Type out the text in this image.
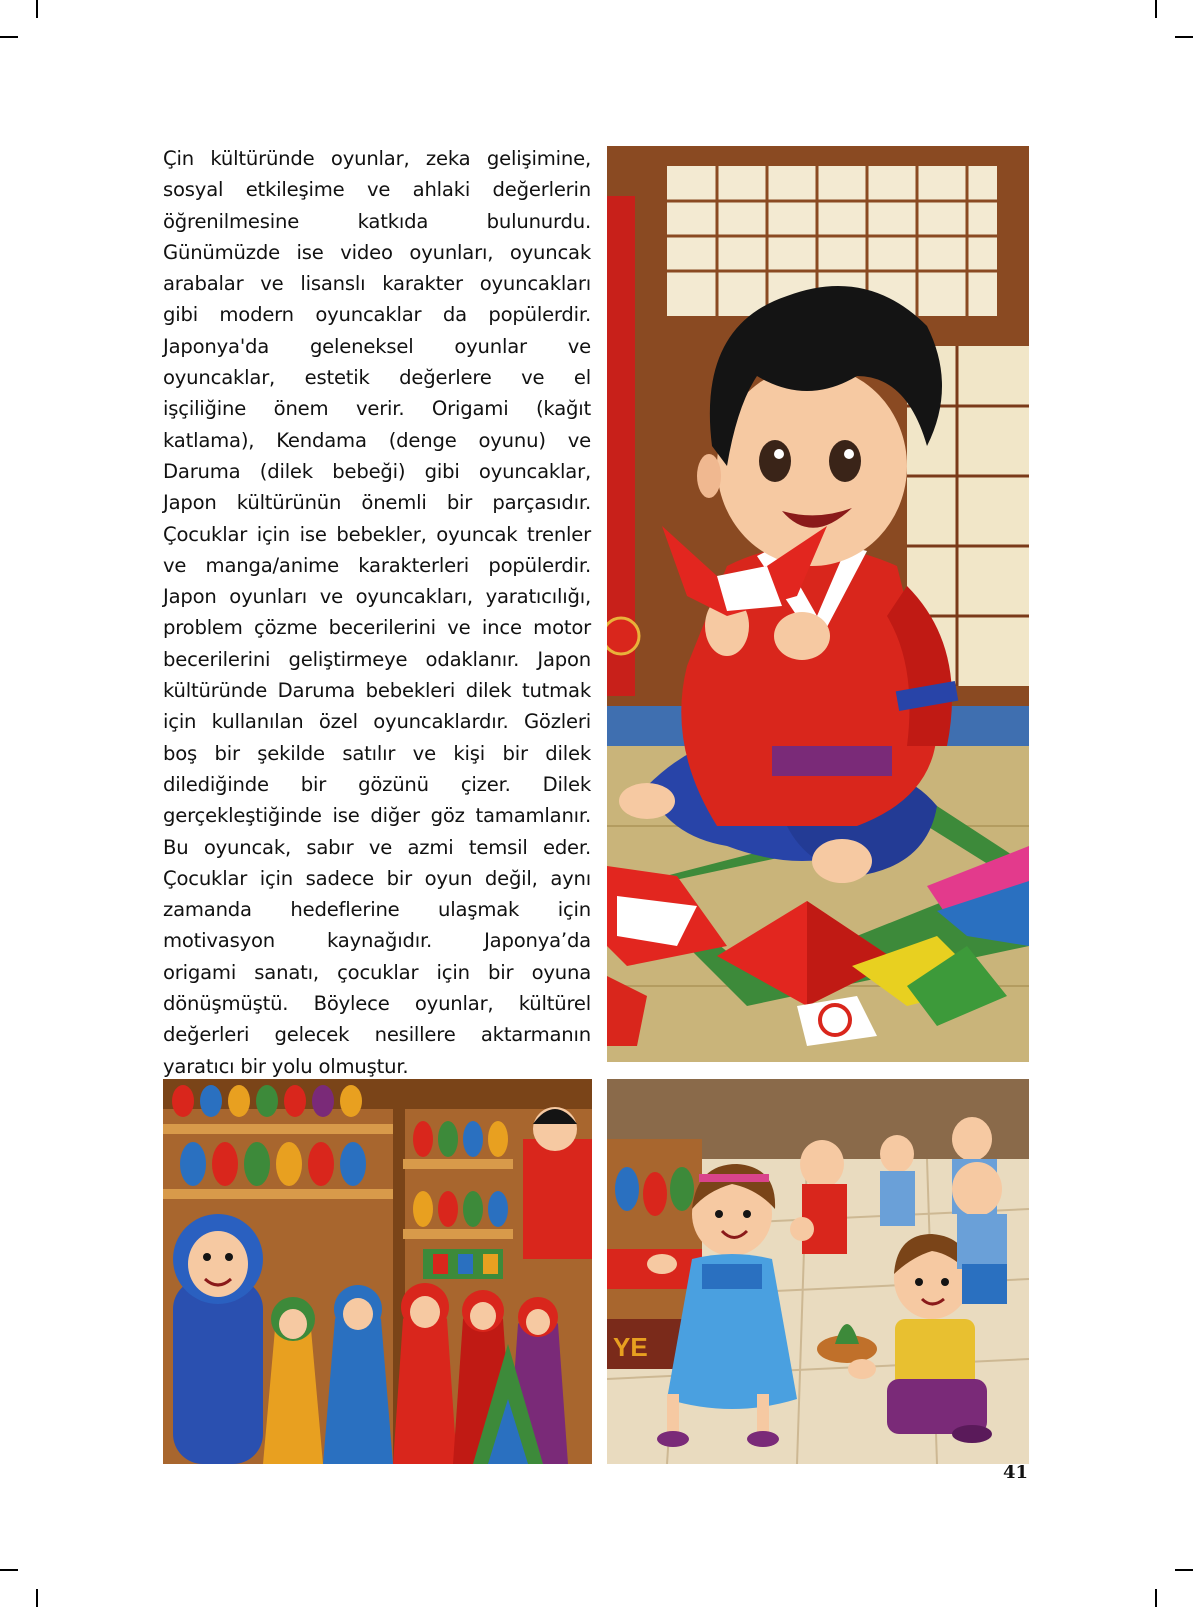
Çin kültüründe oyunlar, zeka gelişimine,
sosyal etkileşime ve ahlaki değerlerin
öğrenilmesine katkıda bulunurdu.
Günümüzde ise video oyunları, oyuncak
arabalar ve lisanslı karakter oyuncakları
gibi modern oyuncaklar da popülerdir.
Japonya'da geleneksel oyunlar ve
oyuncaklar, estetik değerlere ve el
işçiliğine önem verir. Origami (kağıt
katlama), Kendama (denge oyunu) ve
Daruma (dilek bebeği) gibi oyuncaklar,
Japon kültürünün önemli bir parçasıdır.
Çocuklar için ise bebekler, oyuncak trenler
ve manga/anime karakterleri popülerdir.
Japon oyunları ve oyuncakları, yaratıcılığı,
problem çözme becerilerini ve ince motor
becerilerini geliştirmeye odaklanır. Japon
kültüründe Daruma bebekleri dilek tutmak
için kullanılan özel oyuncaklardır. Gözleri
boş bir şekilde satılır ve kişi bir dilek
dilediğinde bir gözünü çizer. Dilek
gerçekleştiğinde ise diğer göz tamamlanır.
Bu oyuncak, sabır ve azmi temsil eder.
Çocuklar için sadece bir oyun değil, aynı
zamanda hedeflerine ulaşmak için
motivasyon kaynağıdır. Japonya’da
origami sanatı, çocuklar için bir oyuna
dönüşmüştü. Böylece oyunlar, kültürel
değerleri gelecek nesillere aktarmanın
yaratıcı bir yolu olmuştur.
YE
41
